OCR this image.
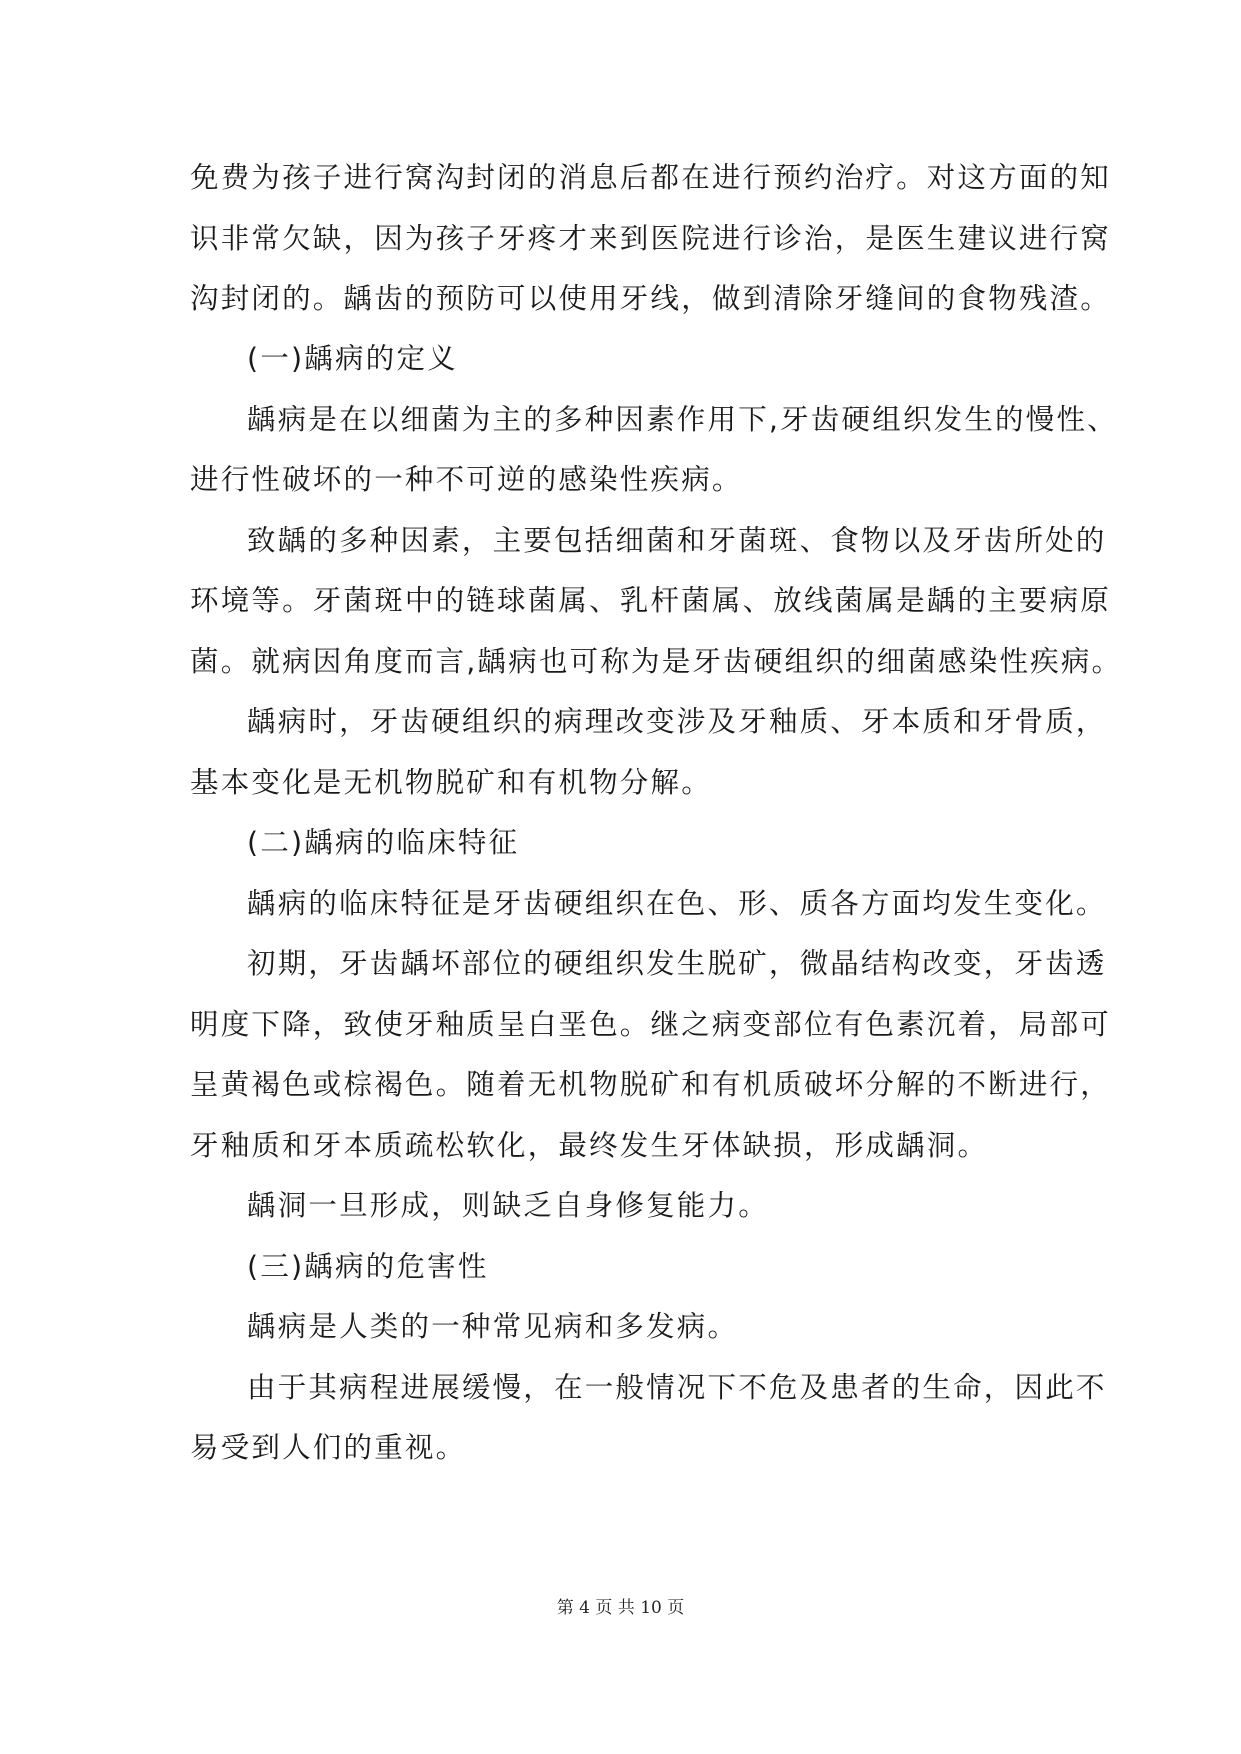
免费为孩子进行窝沟封闭的消息后都在进行预约治疗。对这方面的知
识非常欠缺，因为孩子牙疼才来到医院进行诊治，是医生建议进行窝
沟封闭的。龋齿的预防可以使用牙线，做到清除牙缝间的食物残渣。
(一)龋病的定义
龋病是在以细菌为主的多种因素作用下,牙齿硬组织发生的慢性、
进行性破坏的一种不可逆的感染性疾病。
致龋的多种因素，主要包括细菌和牙菌斑、食物以及牙齿所处的
环境等。牙菌斑中的链球菌属、乳杆菌属、放线菌属是龋的主要病原
菌。就病因角度而言,龋病也可称为是牙齿硬组织的细菌感染性疾病。
龋病时，牙齿硬组织的病理改变涉及牙釉质、牙本质和牙骨质，
基本变化是无机物脱矿和有机物分解。
(二)龋病的临床特征
龋病的临床特征是牙齿硬组织在色、形、质各方面均发生变化。
初期，牙齿龋坏部位的硬组织发生脱矿，微晶结构改变，牙齿透
明度下降，致使牙釉质呈白垩色。继之病变部位有色素沉着，局部可
呈黄褐色或棕褐色。随着无机物脱矿和有机质破坏分解的不断进行，
牙釉质和牙本质疏松软化，最终发生牙体缺损，形成龋洞。
龋洞一旦形成，则缺乏自身修复能力。
(三)龋病的危害性
龋病是人类的一种常见病和多发病。
由于其病程进展缓慢，在一般情况下不危及患者的生命，因此不
易受到人们的重视。
第 4 页 共 10 页
